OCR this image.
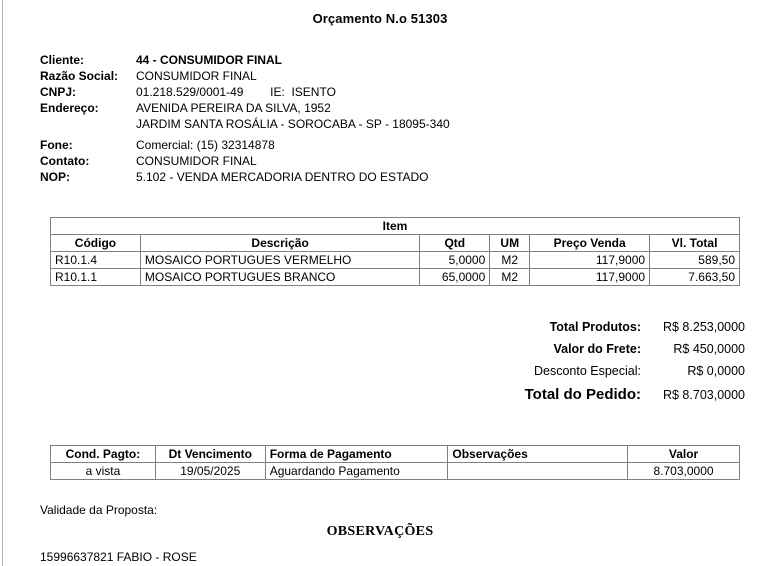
Orçamento N.o 51303
Cliente:	44 - CONSUMIDOR FINAL
Razão Social:	CONSUMIDOR FINAL
CNPJ:	01.218.529/0001-49        IE:  ISENTO
Endereço:	AVENIDA PEREIRA DA SILVA, 1952
JARDIM SANTA ROSÁLIA - SOROCABA - SP - 18095-340
Fone:	Comercial: (15) 32314878
Contato:	CONSUMIDOR FINAL
NOP:	5.102 - VENDA MERCADORIA DENTRO DO ESTADO
Item					
Código	Descrição	Qtd	UM	Preço Venda	Vl. Total
R10.1.4	MOSAICO PORTUGUES VERMELHO	5,0000	M2	117,9000	589,50
R10.1.1	MOSAICO PORTUGUES BRANCO	65,0000	M2	117,9000	7.663,50
Total Produtos:	R$ 8.253,0000
Valor do Frete:	R$ 450,0000
Desconto Especial:	R$ 0,0000
Total do Pedido:	R$ 8.703,0000
Cond. Pagto:	Dt Vencimento	Forma de Pagamento	Observações	Valor
a vista	19/05/2025	Aguardando Pagamento		8.703,0000
Validade da Proposta:
OBSERVAÇÕES
15996637821 FABIO - ROSE
